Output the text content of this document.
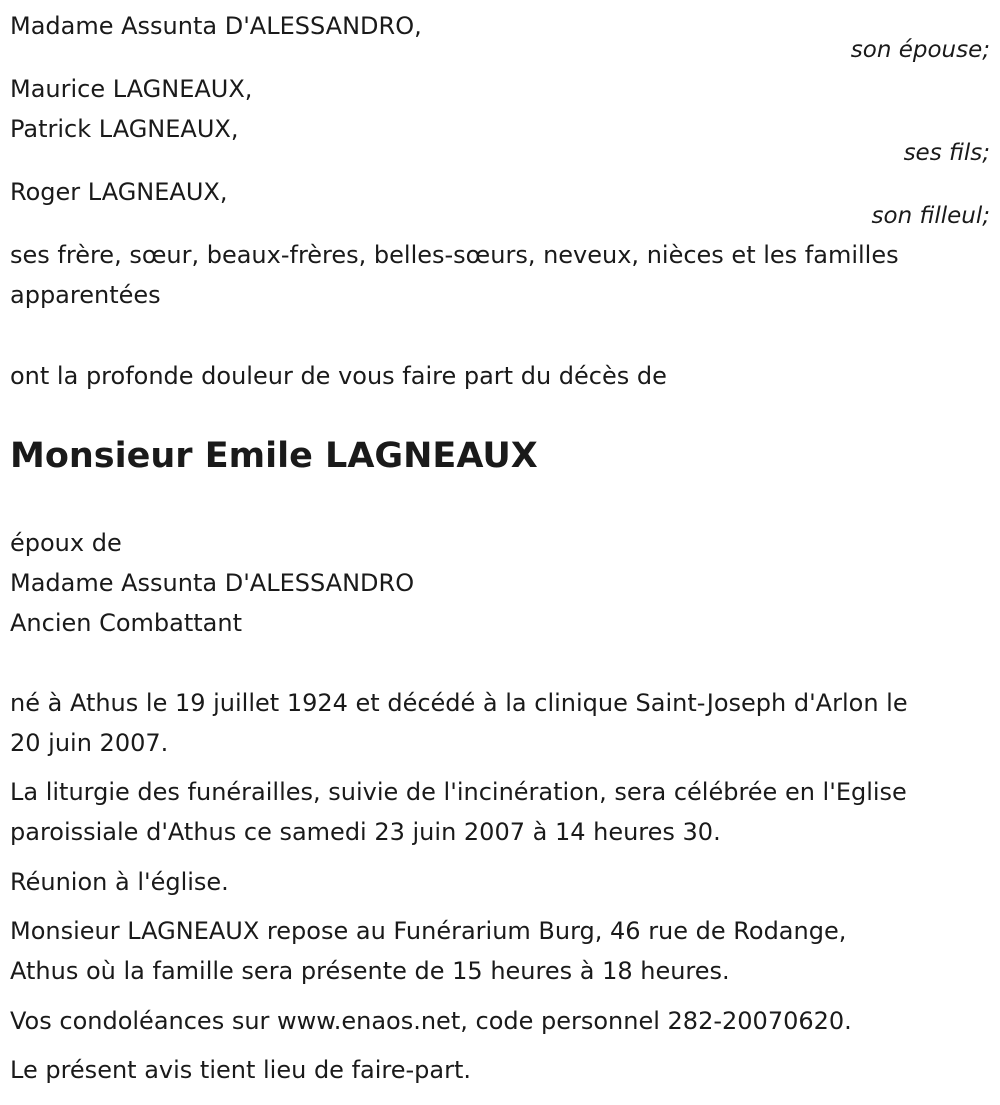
Madame Assunta D'ALESSANDRO,
son épouse;
Maurice LAGNEAUX,
Patrick LAGNEAUX,
ses fils;
Roger LAGNEAUX,
son filleul;
ses frère, sœur, beaux-frères, belles-sœurs, neveux, nièces et les familles
apparentées
ont la profonde douleur de vous faire part du décès de
Monsieur Emile LAGNEAUX
époux de
Madame Assunta D'ALESSANDRO
Ancien Combattant
né à Athus le 19 juillet 1924 et décédé à la clinique Saint-Joseph d'Arlon le
20 juin 2007.
La liturgie des funérailles, suivie de l'incinération, sera célébrée en l'Eglise
paroissiale d'Athus ce samedi 23 juin 2007 à 14 heures 30.
Réunion à l'église.
Monsieur LAGNEAUX repose au Funérarium Burg, 46 rue de Rodange,
Athus où la famille sera présente de 15 heures à 18 heures.
Vos condoléances sur www.enaos.net, code personnel 282-20070620.
Le présent avis tient lieu de faire-part.
